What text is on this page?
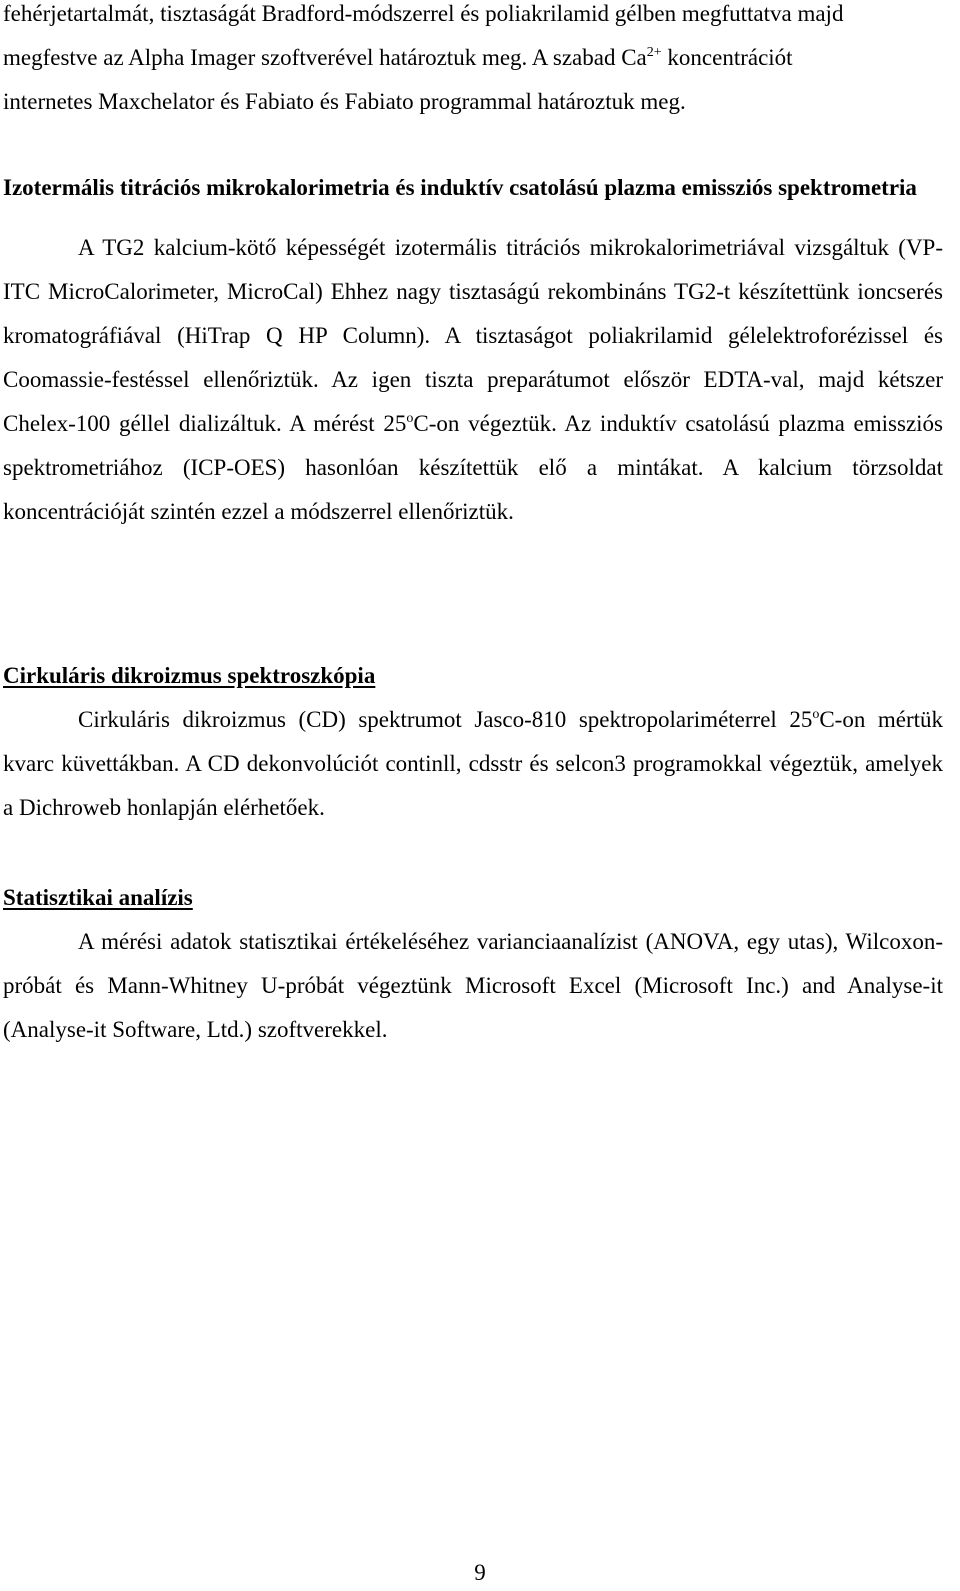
fehérjetartalmát, tisztaságát Bradford-módszerrel és poliakrilamid gélben megfuttatva majd
megfestve az Alpha Imager szoftverével határoztuk meg. A szabad $Ca^{2+}$ koncentrációt
internetes Maxchelator és Fabiato és Fabiato programmal határoztuk meg.

Izotermális titrációs mikrokalorimetria és induktív csatolású plazma emissziós spektrometria

A TG2 kalcium-kötő képességét izotermális titrációs mikrokalorimetriával vizsgáltuk (VP-ITC MicroCalorimeter, MicroCal) Ehhez nagy tisztaságú rekombináns TG2-t készítettünk ioncserés kromatográfiával (HiTrap Q HP Column). A tisztaságot poliakrilamid gélelektroforézissel és Coomassie-festéssel ellenőriztük. Az igen tiszta preparátumot először EDTA-val, majd kétszer Chelex-100 géllel dializáltuk. A mérést 25$^o$C-on végeztük. Az induktív csatolású plazma emissziós spektrometriához (ICP-OES) hasonlóan készítettük elő a mintákat. A kalcium törzsoldat koncentrációját szintén ezzel a módszerrel ellenőriztük.

Cirkuláris dikroizmus spektroszkópia

Cirkuláris dikroizmus (CD) spektrumot Jasco-810 spektropolariméterrel 25$^o$C-on mértük kvarc küvettákban. A CD dekonvolúciót continll, cdsstr és selcon3 programokkal végeztük, amelyek a Dichroweb honlapján elérhetőek.

Statisztikai analízis

A mérési adatok statisztikai értékeléséhez varianciaanalízist (ANOVA, egy utas), Wilcoxon-próbát és Mann-Whitney U-próbát végeztünk Microsoft Excel (Microsoft Inc.) and Analyse-it (Analyse-it Software, Ltd.) szoftverekkel.

9
